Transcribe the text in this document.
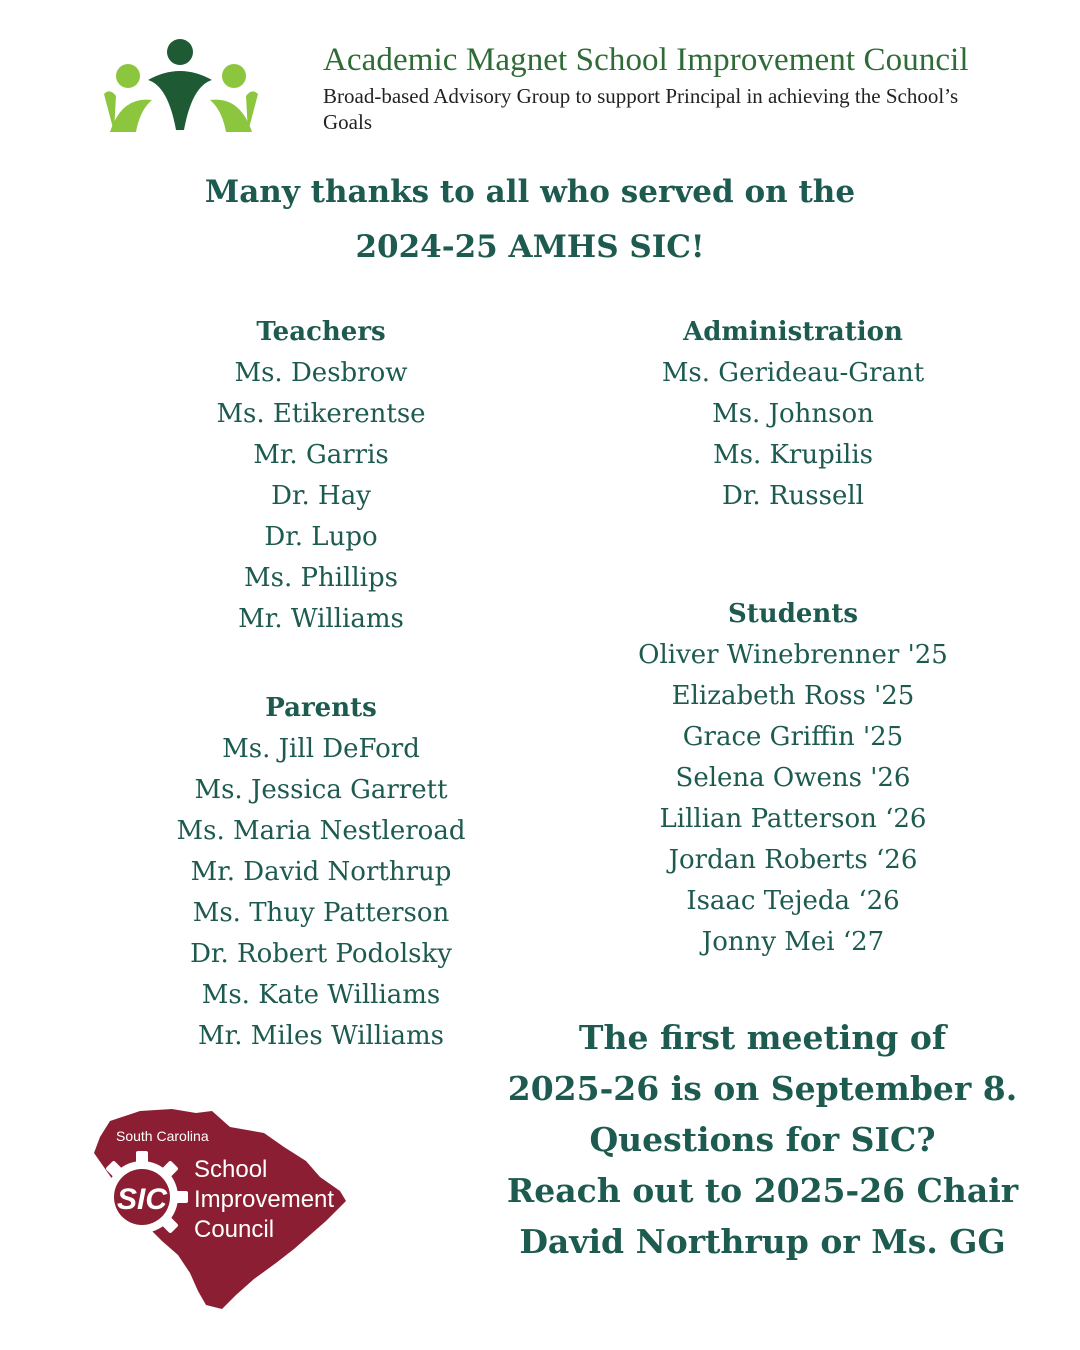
Academic Magnet School Improvement Council
Broad-based Advisory Group to support Principal in achieving the School’s Goals
Many thanks to all who served on the
2024-25 AMHS SIC!
Teachers
Ms. Desbrow
Ms. Etikerentse
Mr. Garris
Dr. Hay
Dr. Lupo
Ms. Phillips
Mr. Williams
Parents
Ms. Jill DeFord
Ms. Jessica Garrett
Ms. Maria Nestleroad
Mr. David Northrup
Ms. Thuy Patterson
Dr. Robert Podolsky
Ms. Kate Williams
Mr. Miles Williams
Administration
Ms. Gerideau-Grant
Ms. Johnson
Ms. Krupilis
Dr. Russell
Students
Oliver Winebrenner '25
Elizabeth Ross '25
Grace Griffin '25
Selena Owens '26
Lillian Patterson ‘26
Jordan Roberts ‘26
Isaac Tejeda ‘26
Jonny Mei ‘27
The first meeting of
2025-26 is on September 8.
Questions for SIC?
Reach out to 2025-26 Chair
David Northrup or Ms. GG
South Carolina
SIC
School
Improvement
Council
